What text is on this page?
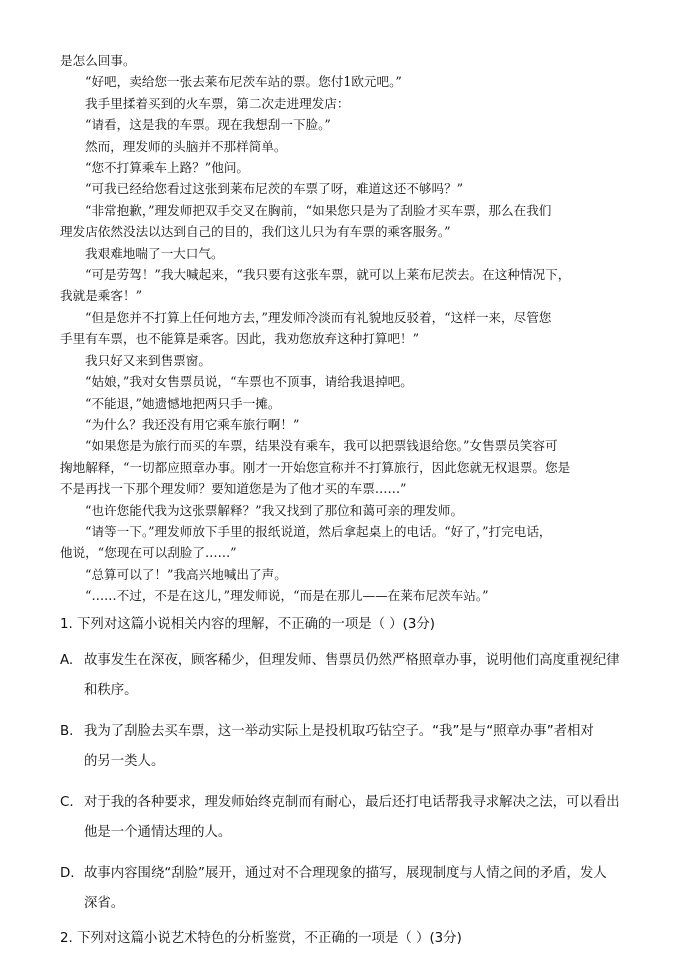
是怎么回事。

“好吧，卖给您一张去莱布尼茨车站的票。您付1欧元吧。”

我手里揉着买到的火车票，第二次走进理发店：

“请看，这是我的车票。现在我想刮一下脸。”

然而，理发师的头脑并不那样简单。

“您不打算乘车上路？”他问。

“可我已经给您看过这张到莱布尼茨的车票了呀，难道这还不够吗？”

“非常抱歉，”理发师把双手交叉在胸前，“如果您只是为了刮脸才买车票，那么在我们

理发店依然没法以达到自己的目的，我们这儿只为有车票的乘客服务。”

我艰难地喘了一大口气。

“可是劳驾！”我大喊起来，“我只要有这张车票，就可以上莱布尼茨去。在这种情况下，

我就是乘客！”

“但是您并不打算上任何地方去，”理发师冷淡而有礼貌地反驳着，“这样一来，尽管您

手里有车票，也不能算是乘客。因此，我劝您放弃这种打算吧！”

我只好又来到售票窗。

“姑娘，”我对女售票员说，“车票也不顶事，请给我退掉吧。

“不能退，”她遗憾地把两只手一摊。

“为什么？我还没有用它乘车旅行啊！”

“如果您是为旅行而买的车票，结果没有乘车，我可以把票钱退给您。”女售票员笑容可

掬地解释，“一切都应照章办事。刚才一开始您宣称并不打算旅行，因此您就无权退票。您是

不是再找一下那个理发师？要知道您是为了他才买的车票……”

“也许您能代我为这张票解释？”我又找到了那位和蔼可亲的理发师。

“请等一下。”理发师放下手里的报纸说道，然后拿起桌上的电话。“好了，”打完电话，

他说，“您现在可以刮脸了……”

“总算可以了！”我高兴地喊出了声。

“……不过，不是在这儿，”理发师说，“而是在那儿——在莱布尼茨车站。”

1. 下列对这篇小说相关内容的理解，不正确的一项是（ ）(3分)

A. 故事发生在深夜，顾客稀少，但理发师、售票员仍然严格照章办事，说明他们高度重视纪律
和秩序。
B. 我为了刮脸去买车票，这一举动实际上是投机取巧钻空子。“我”是与“照章办事”者相对
的另一类人。
C. 对于我的各种要求，理发师始终克制而有耐心，最后还打电话帮我寻求解决之法，可以看出
他是一个通情达理的人。
D. 故事内容围绕“刮脸”展开，通过对不合理现象的描写，展现制度与人情之间的矛盾，发人
深省。

2. 下列对这篇小说艺术特色的分析鉴赏，不正确的一项是（ ）(3分)
